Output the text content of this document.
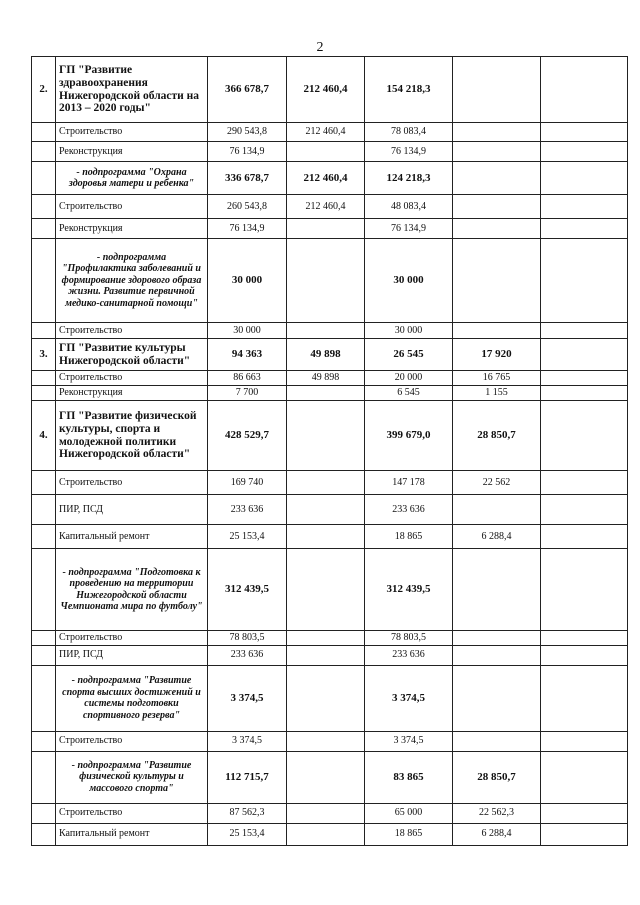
2
2.	ГП "Развитие здравоохранения Нижегородской области на 2013 – 2020 годы"	366 678,7	212 460,4	154 218,3		
	Строительство	290 543,8	212 460,4	78 083,4		
	Реконструкция	76 134,9		76 134,9		
	- подпрограмма "Охрана здоровья матери и ребенка"	336 678,7	212 460,4	124 218,3		
	Строительство	260 543,8	212 460,4	48 083,4		
	Реконструкция	76 134,9		76 134,9		
	- подпрограмма "Профилактика заболеваний и формирование здорового образа жизни. Развитие первичной медико-санитарной помощи"	30 000		30 000		
	Строительство	30 000		30 000		
3.	ГП "Развитие культуры Нижегородской области"	94 363	49 898	26 545	17 920	
	Строительство	86 663	49 898	20 000	16 765	
	Реконструкция	7 700		6 545	1 155	
4.	ГП "Развитие физической культуры, спорта и молодежной политики Нижегородской области"	428 529,7		399 679,0	28 850,7	
	Строительство	169 740		147 178	22 562	
	ПИР, ПСД	233 636		233 636		
	Капитальный ремонт	25 153,4		18 865	6 288,4	
	- подпрограмма "Подготовка к проведению на территории Нижегородской области Чемпионата мира по футболу"	312 439,5		312 439,5		
	Строительство	78 803,5		78 803,5		
	ПИР, ПСД	233 636		233 636		
	- подпрограмма "Развитие спорта высших достижений и системы подготовки спортивного резерва"	3 374,5		3 374,5		
	Строительство	3 374,5		3 374,5		
	- подпрограмма "Развитие физической культуры и массового спорта"	112 715,7		83 865	28 850,7	
	Строительство	87 562,3		65 000	22 562,3	
	Капитальный ремонт	25 153,4		18 865	6 288,4	
